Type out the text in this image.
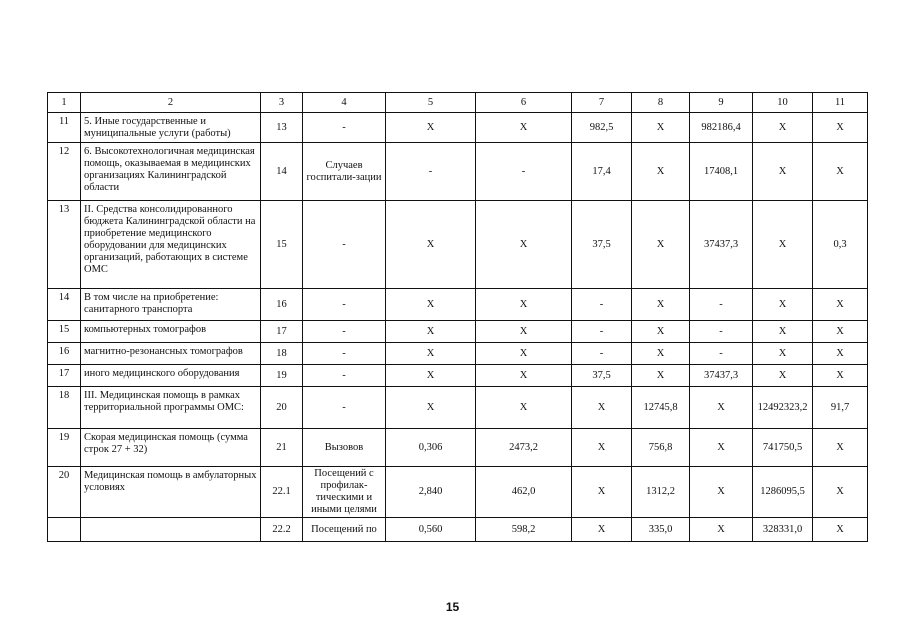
1	2	3	4	5	6	7	8	9	10	11
11	5. Иные государственные и муниципальные услуги (работы)	13	-	X	X	982,5	X	982186,4	X	X
12	6. Высокотехнологичная медицинская помощь, оказываемая в медицинских организациях Калининградской области	14	Случаев госпитали-зации	-	-	17,4	X	17408,1	X	X
13	II. Средства консолидированного бюджета Калининградской области на приобретение медицинского оборудовании для медицинских организаций, работающих в системе ОМС	15	-	X	X	37,5	X	37437,3	X	0,3
14	В том числе на приобретение: санитарного транспорта	16	-	X	X	-	X	-	X	X
15	компьютерных томографов	17	-	X	X	-	X	-	X	X
16	магнитно-резонансных томографов	18	-	X	X	-	X	-	X	X
17	иного медицинского оборудования	19	-	X	X	37,5	X	37437,3	X	X
18	III. Медицинская помощь в рамках территориальной программы ОМС:	20	-	X	X	X	12745,8	X	12492323,2	91,7
19	Скорая медицинская помощь (сумма строк 27 + 32)	21	Вызовов	0,306	2473,2	X	756,8	X	741750,5	X
20	Медицинская помощь в амбулаторных условиях	22.1	Посещений с профилак-тическими и иными целями	2,840	462,0	X	1312,2	X	1286095,5	X
		22.2	Посещений по	0,560	598,2	X	335,0	X	328331,0	X
15
